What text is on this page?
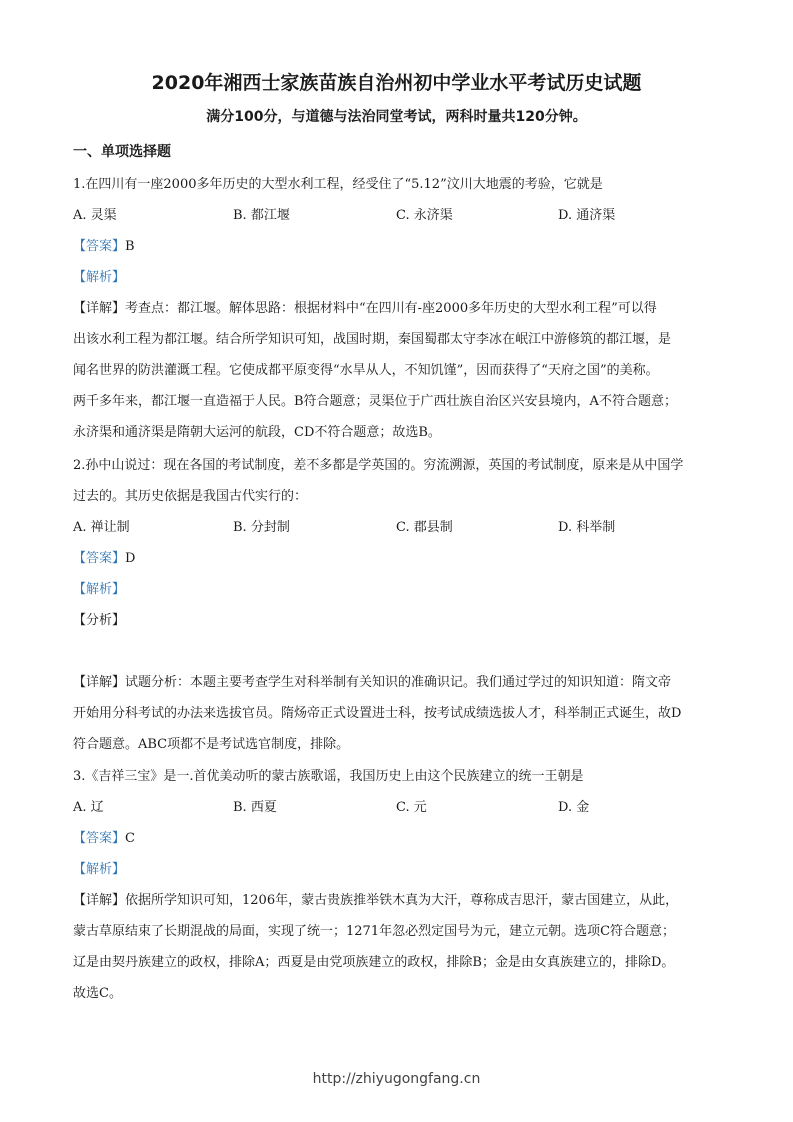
2020年湘西士家族苗族自治州初中学业水平考试历史试题
满分100分，与道德与法治同堂考试，两科时量共120分钟。
一、单项选择题
1.在四川有一座2000多年历史的大型水利工程，经受住了“5.12”汶川大地震的考验，它就是
A. 灵渠	B. 都江堰	C. 永济渠	D. 通济渠
【答案】B
【解析】
【详解】考查点：都江堰。解体思路：根据材料中“在四川有-座2000多年历史的大型水利工程”可以得
出该水利工程为都江堰。结合所学知识可知，战国时期，秦国蜀郡太守李冰在岷江中游修筑的都江堰，是
闻名世界的防洪灌溉工程。它使成都平原变得“水旱从人，不知饥馑”，因而获得了“天府之国”的美称。
两千多年来，都江堰一直造福于人民。B符合题意；灵渠位于广西壮族自治区兴安县境内，A不符合题意；
永济渠和通济渠是隋朝大运河的航段，CD不符合题意；故选B。
2.孙中山说过：现在各国的考试制度，差不多都是学英国的。穷流溯源，英国的考试制度，原来是从中国学
过去的。其历史依据是我国古代实行的：
A. 禅让制	B. 分封制	C. 郡县制	D. 科举制
【答案】D
【解析】
【分析】
【详解】试题分析：本题主要考查学生对科举制有关知识的准确识记。我们通过学过的知识知道：隋文帝
开始用分科考试的办法来选拔官员。隋炀帝正式设置进士科，按考试成绩选拔人才，科举制正式诞生，故D
符合题意。ABC项都不是考试选官制度，排除。
3.《吉祥三宝》是一.首优美动听的蒙古族歌谣，我国历史上由这个民族建立的统一王朝是
A. 辽	B. 西夏	C. 元	D. 金
【答案】C
【解析】
【详解】依据所学知识可知，1206年，蒙古贵族推举铁木真为大汗，尊称成吉思汗，蒙古国建立，从此，
蒙古草原结束了长期混战的局面，实现了统一；1271年忽必烈定国号为元，建立元朝。选项C符合题意；
辽是由契丹族建立的政权，排除A；西夏是由党项族建立的政权，排除B；金是由女真族建立的，排除D。
故选C。
http://zhiyugongfang.cn
